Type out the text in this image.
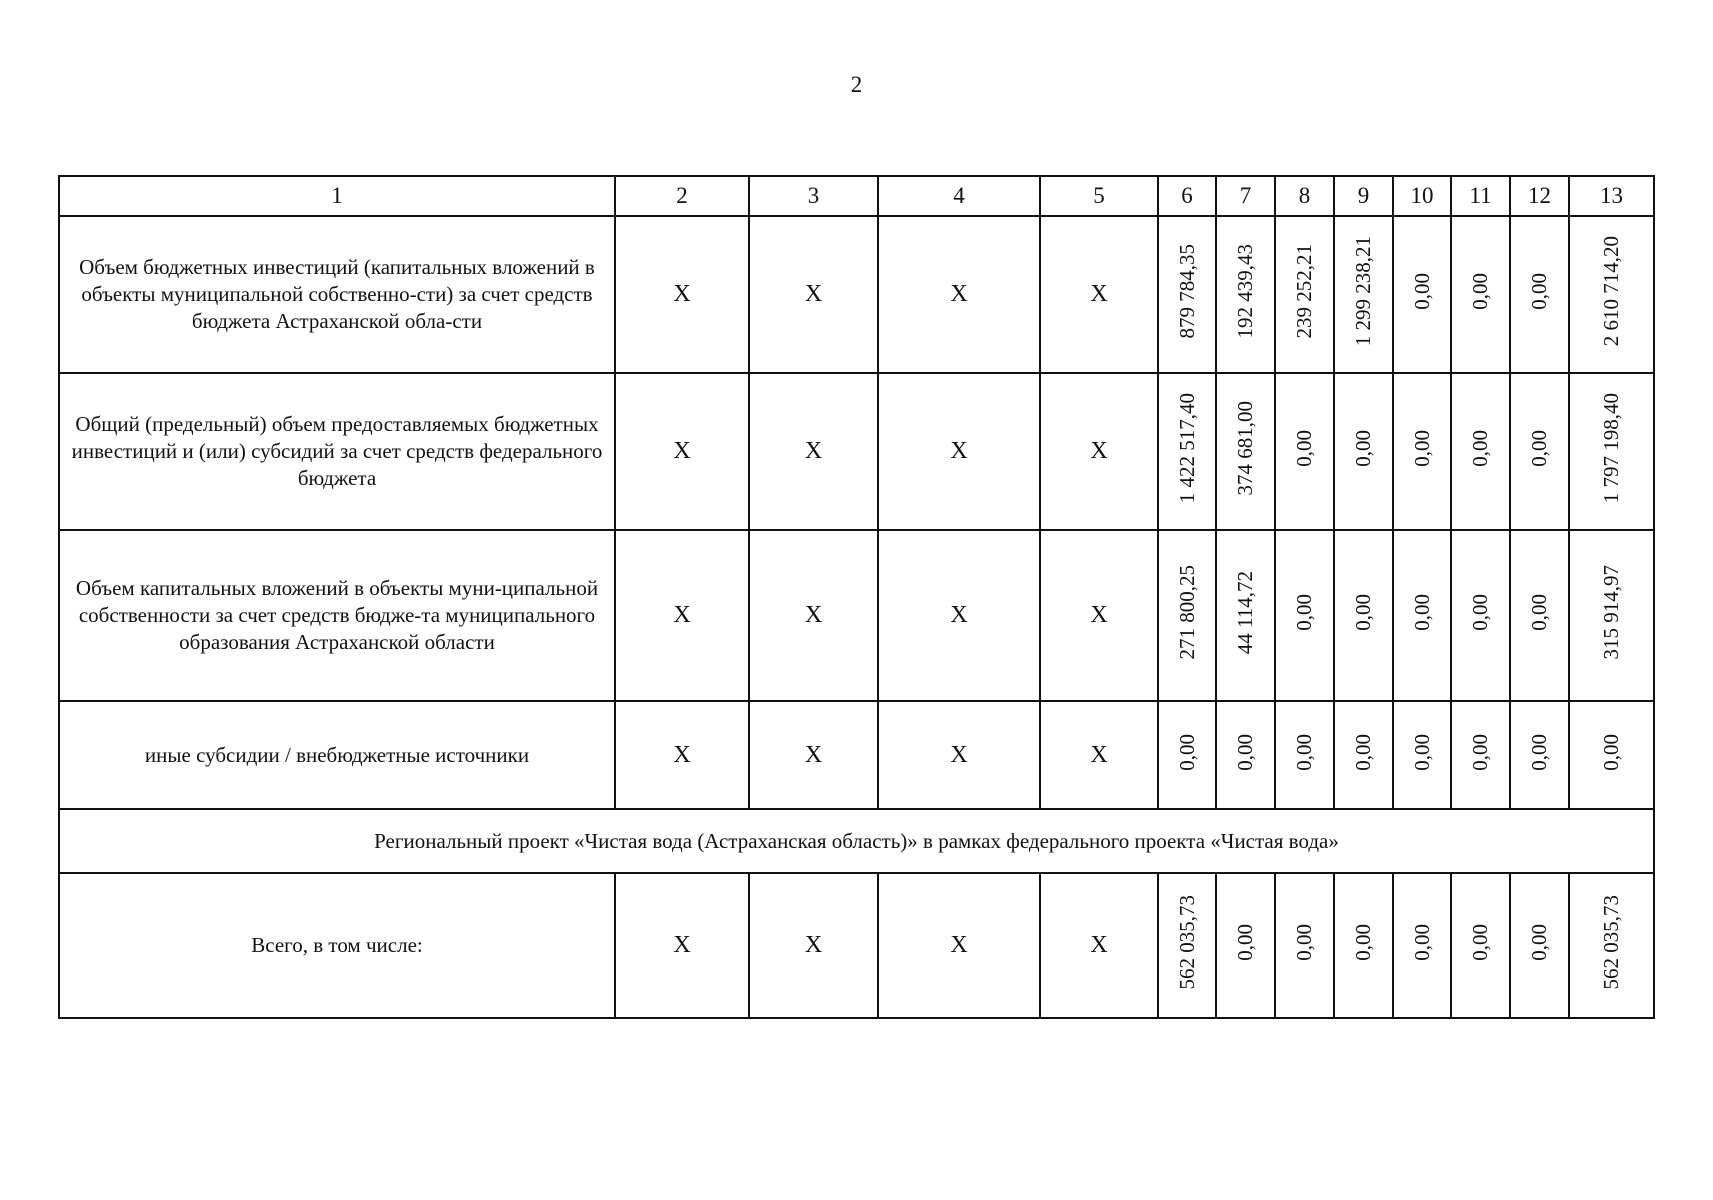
2
1	2	3	4	5	6	7	8	9	10	11	12	13
Объем бюджетных инвестиций (капитальных вложений в объекты муниципальной собственно-сти) за счет средств бюджета Астраханской обла-сти	X	X	X	X	879 784,35	192 439,43	239 252,21	1 299 238,21	0,00	0,00	0,00	2 610 714,20
Общий (предельный) объем предоставляемых бюджетных инвестиций и (или) субсидий за счет средств федерального бюджета	X	X	X	X	1 422 517,40	374 681,00	0,00	0,00	0,00	0,00	0,00	1 797 198,40
Объем капитальных вложений в объекты муни-ципальной собственности за счет средств бюдже-та муниципального образования Астраханской области	X	X	X	X	271 800,25	44 114,72	0,00	0,00	0,00	0,00	0,00	315 914,97
иные субсидии / внебюджетные источники	X	X	X	X	0,00	0,00	0,00	0,00	0,00	0,00	0,00	0,00
Региональный проект «Чистая вода (Астраханская область)» в рамках федерального проекта «Чистая вода»												
Всего, в том числе:	X	X	X	X	562 035,73	0,00	0,00	0,00	0,00	0,00	0,00	562 035,73
